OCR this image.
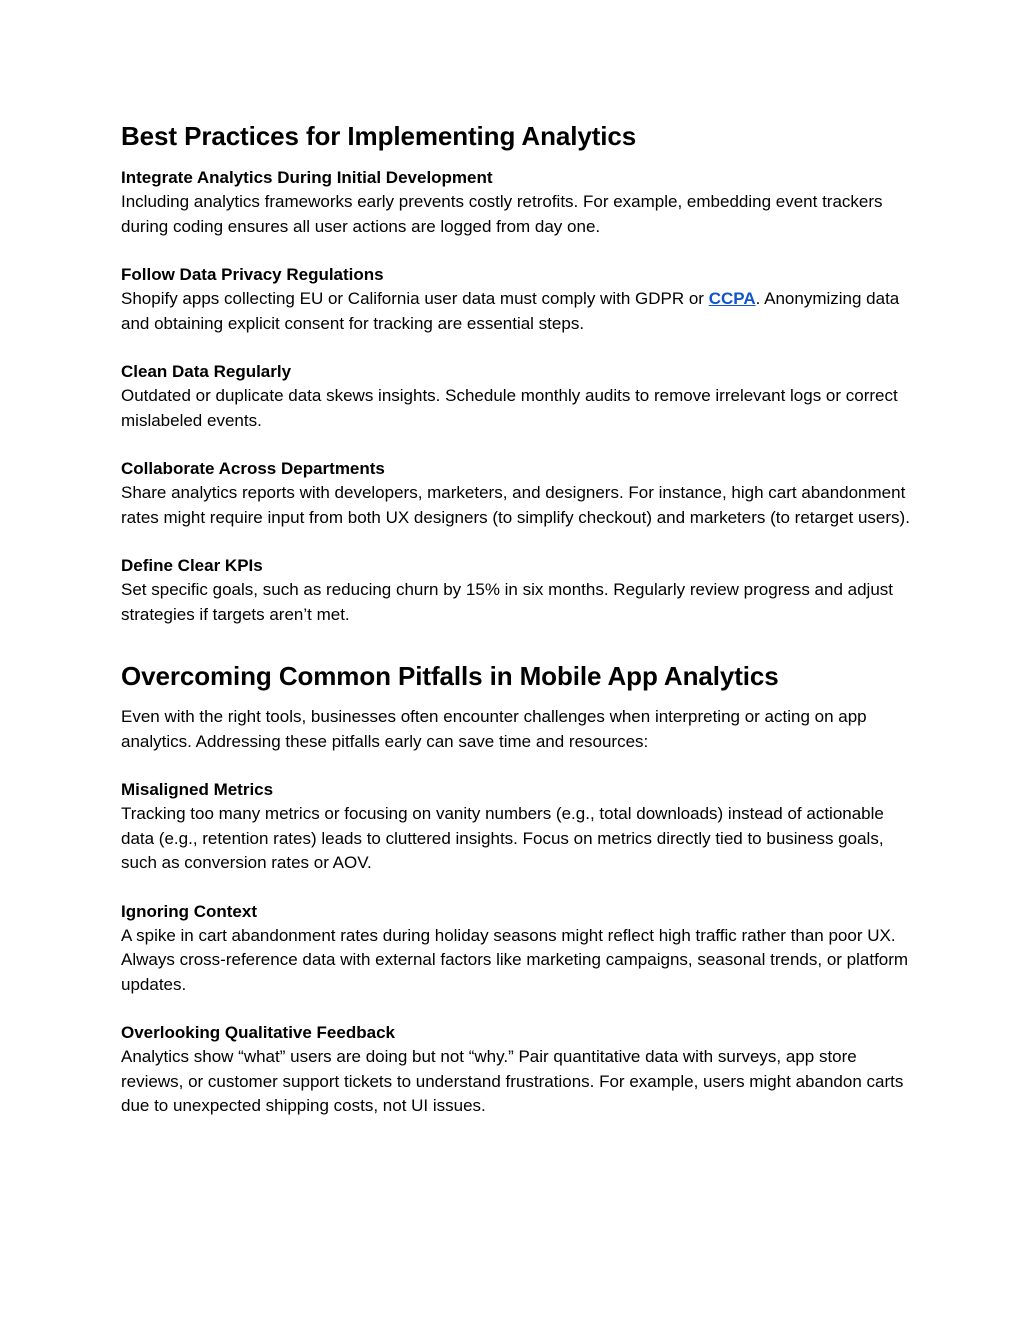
Best Practices for Implementing Analytics
Integrate Analytics During Initial Development
Including analytics frameworks early prevents costly retrofits. For example, embedding event trackers during coding ensures all user actions are logged from day one.
Follow Data Privacy Regulations
Shopify apps collecting EU or California user data must comply with GDPR or CCPA. Anonymizing data and obtaining explicit consent for tracking are essential steps.
Clean Data Regularly
Outdated or duplicate data skews insights. Schedule monthly audits to remove irrelevant logs or correct mislabeled events.
Collaborate Across Departments
Share analytics reports with developers, marketers, and designers. For instance, high cart abandonment rates might require input from both UX designers (to simplify checkout) and marketers (to retarget users).
Define Clear KPIs
Set specific goals, such as reducing churn by 15% in six months. Regularly review progress and adjust strategies if targets aren’t met.
Overcoming Common Pitfalls in Mobile App Analytics
Even with the right tools, businesses often encounter challenges when interpreting or acting on app analytics. Addressing these pitfalls early can save time and resources:
Misaligned Metrics
Tracking too many metrics or focusing on vanity numbers (e.g., total downloads) instead of actionable data (e.g., retention rates) leads to cluttered insights. Focus on metrics directly tied to business goals, such as conversion rates or AOV.
Ignoring Context
A spike in cart abandonment rates during holiday seasons might reflect high traffic rather than poor UX. Always cross-reference data with external factors like marketing campaigns, seasonal trends, or platform updates.
Overlooking Qualitative Feedback
Analytics show “what” users are doing but not “why.” Pair quantitative data with surveys, app store reviews, or customer support tickets to understand frustrations. For example, users might abandon carts due to unexpected shipping costs, not UI issues.
